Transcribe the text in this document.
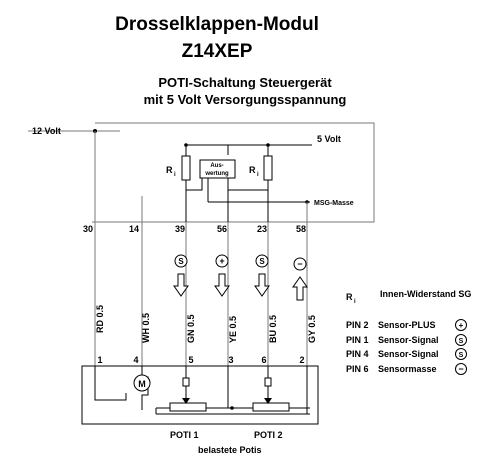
Drosselklappen-Modul
Z14XEP
POTI-Schaltung Steuergerät
mit 5 Volt Versorgungsspannung
12 Volt
5 Volt
R i	R i
Aus-
wertung
MSG-Masse
30	14	39	56	23	58
RD 0.5	WH 0.5	GN 0.5	YE 0.5	BU 0.5	GY 0.5
S	+	S	−
1	4	5	3	6	2
M
POTI 1	POTI 2
belastete Potis
R i
Innen-Widerstand SG
PIN 2 Sensor-PLUS	+
PIN 1 Sensor-Signal	S
PIN 4 Sensor-Signal	S
PIN 6 Sensormasse −
